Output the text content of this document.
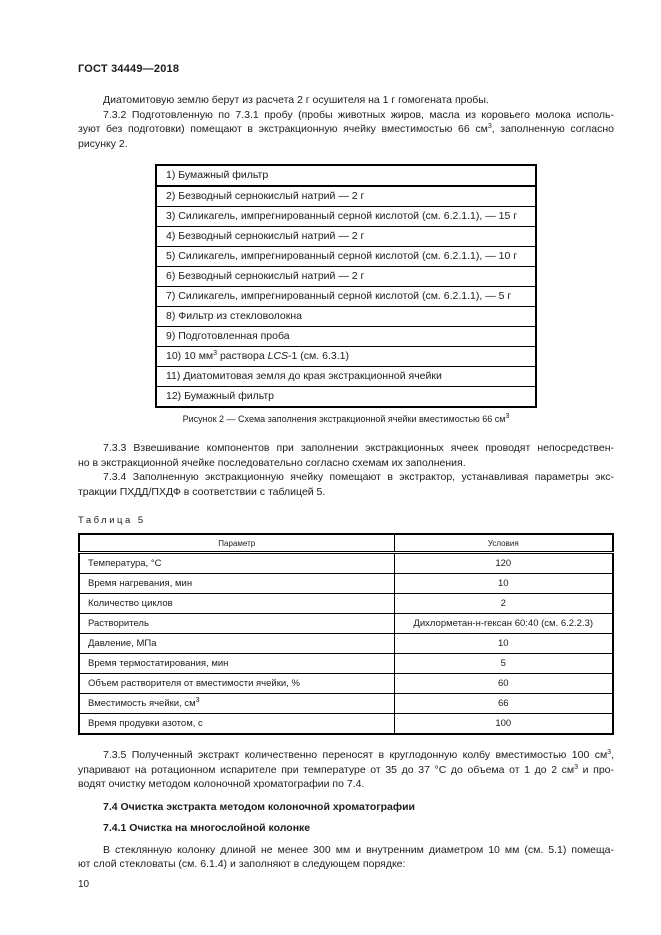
ГОСТ 34449—2018
Диатомитовую землю берут из расчета 2 г осушителя на 1 г гомогената пробы.
7.3.2 Подготовленную по 7.3.1 пробу (пробы животных жиров, масла из коровьего молока исполь-
зуют без подготовки) помещают в экстракционную ячейку вместимостью 66 $см^3$, заполненную согласно
рисунку 2.
1) Бумажный фильтр
2) Безводный сернокислый натрий — 2 г
3) Силикагель, импрегнированный серной кислотой (см. 6.2.1.1), — 15 г
4) Безводный сернокислый натрий — 2 г
5) Силикагель, импрегнированный серной кислотой (см. 6.2.1.1), — 10 г
6) Безводный сернокислый натрий — 2 г
7) Силикагель, импрегнированный серной кислотой (см. 6.2.1.1), — 5 г
8) Фильтр из стекловолокна
9) Подготовленная проба
10) 10 $мм^3$ раствора LCS-1 (см. 6.3.1)
11) Диатомитовая земля до края экстракционной ячейки
12) Бумажный фильтр
Рисунок 2 — Схема заполнения экстракционной ячейки вместимостью 66 $см^3$
7.3.3 Взвешивание компонентов при заполнении экстракционных ячеек проводят непосредствен-
но в экстракционной ячейке последовательно согласно схемам их заполнения.
7.3.4 Заполненную экстракционную ячейку помещают в экстрактор, устанавливая параметры экс-
тракции ПХДД/ПХДФ в соответствии с таблицей 5.
Таблица 5
Параметр	Условия
Температура, °С	120
Время нагревания, мин	10
Количество циклов	2
Растворитель	Дихлорметан-н-гексан 60:40 (см. 6.2.2.3)
Давление, МПа	10
Время термостатирования, мин	5
Объем растворителя от вместимости ячейки, %	60
Вместимость ячейки, $см^3$	66
Время продувки азотом, с	100
7.3.5 Полученный экстракт количественно переносят в круглодонную колбу вместимостью 100 $см^3$,
упаривают на ротационном испарителе при температуре от 35 до 37 °С до объема от 1 до 2 $см^3$ и про-
водят очистку методом колоночной хроматографии по 7.4.
7.4 Очистка экстракта методом колоночной хроматографии
7.4.1 Очистка на многослойной колонке
В стеклянную колонку длиной не менее 300 мм и внутренним диаметром 10 мм (см. 5.1) помеща-
ют слой стекловаты (см. 6.1.4) и заполняют в следующем порядке:
10
